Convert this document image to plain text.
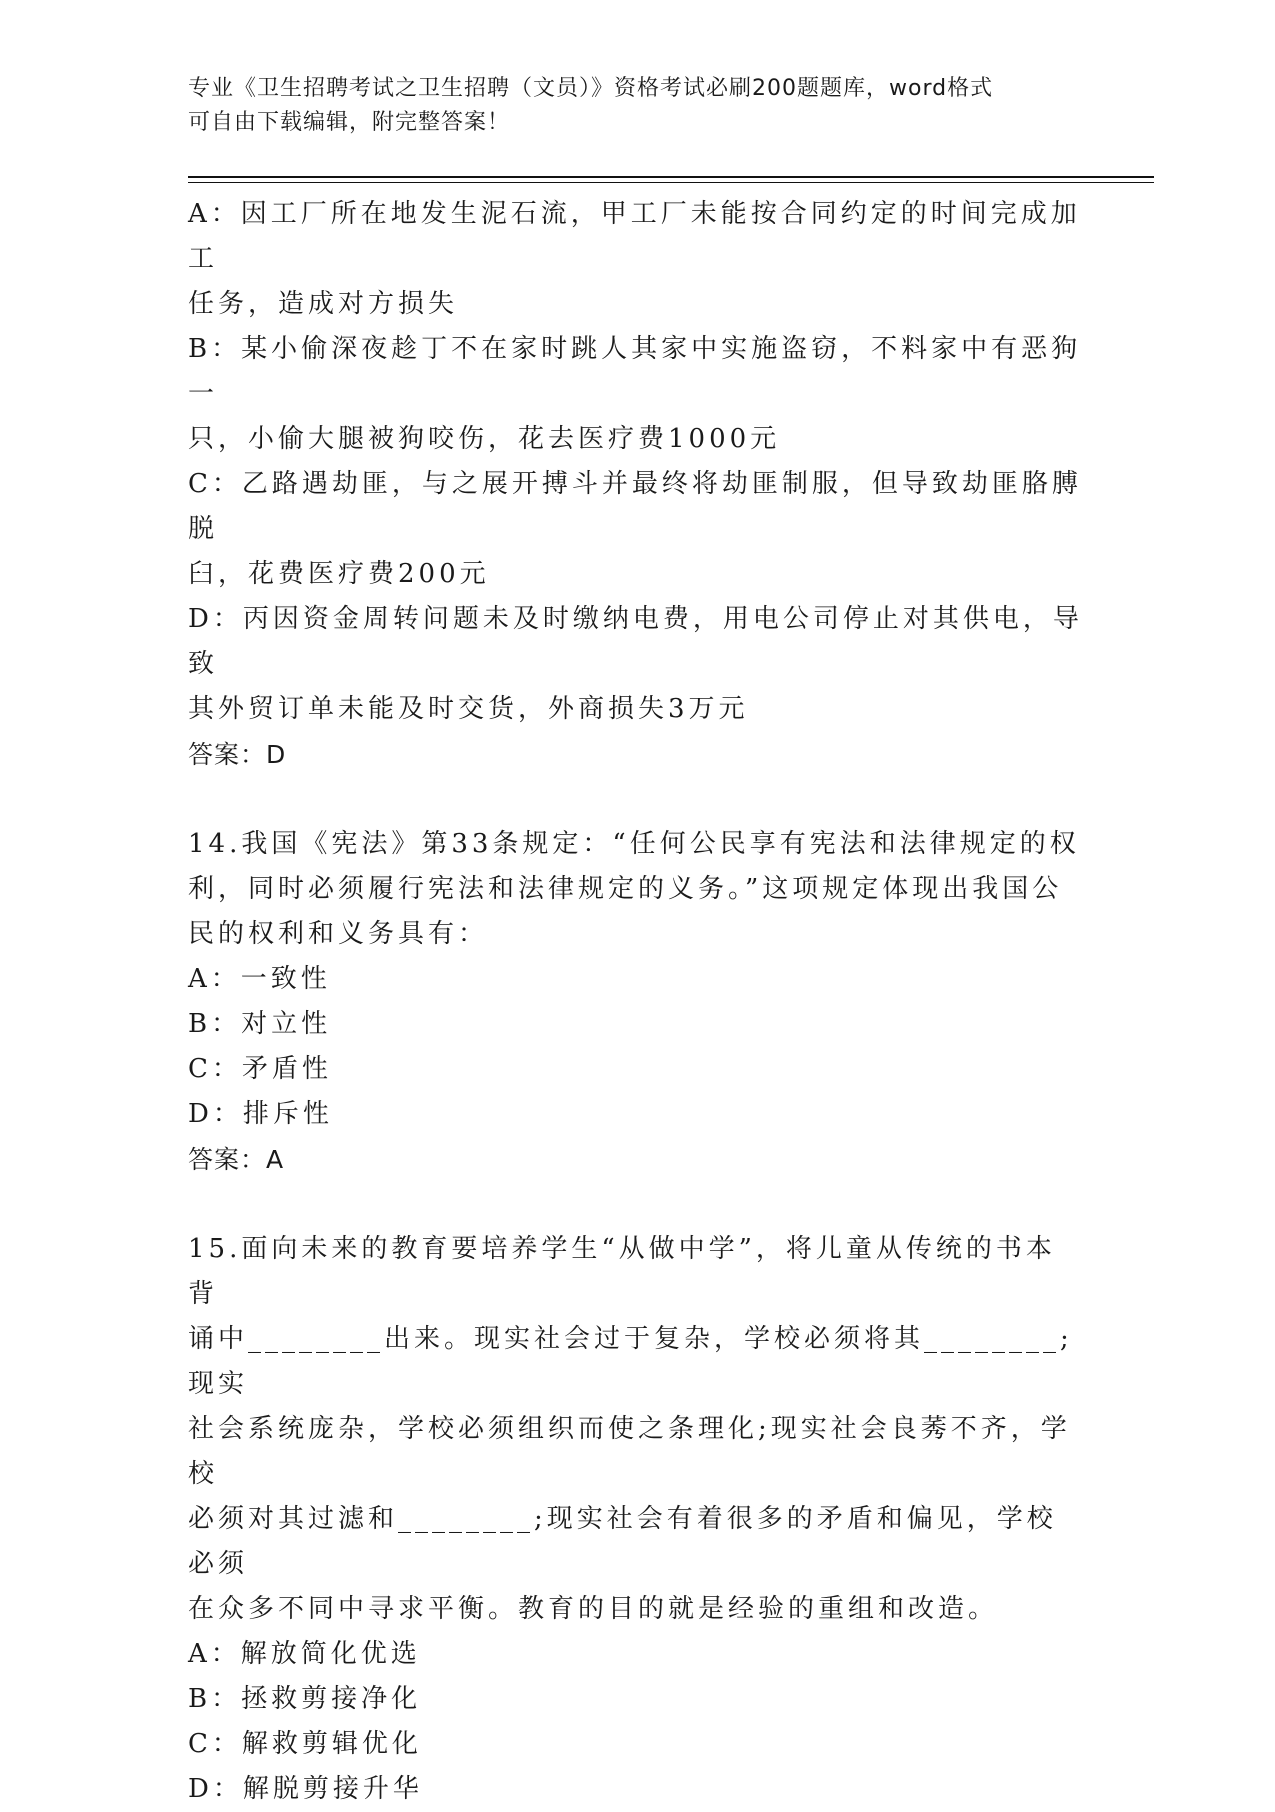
专业《卫生招聘考试之卫生招聘（文员）》资格考试必刷200题题库，word格式
可自由下载编辑，附完整答案！
A：因工厂所在地发生泥石流，甲工厂未能按合同约定的时间完成加工
任务，造成对方损失
B：某小偷深夜趁丁不在家时跳人其家中实施盗窃，不料家中有恶狗一
只，小偷大腿被狗咬伤，花去医疗费1000元
C：乙路遇劫匪，与之展开搏斗并最终将劫匪制服，但导致劫匪胳膊脱
臼，花费医疗费200元
D：丙因资金周转问题未及时缴纳电费，用电公司停止对其供电，导致
其外贸订单未能及时交货，外商损失3万元
答案：D
14.我国《宪法》第33条规定：“任何公民享有宪法和法律规定的权
利，同时必须履行宪法和法律规定的义务。”这项规定体现出我国公
民的权利和义务具有：
A：一致性
B：对立性
C：矛盾性
D：排斥性
答案：A
15.面向未来的教育要培养学生“从做中学”，将儿童从传统的书本背
诵中________出来。现实社会过于复杂，学校必须将其________;现实
社会系统庞杂，学校必须组织而使之条理化;现实社会良莠不齐，学校
必须对其过滤和________;现实社会有着很多的矛盾和偏见，学校必须
在众多不同中寻求平衡。教育的目的就是经验的重组和改造。
A：解放简化优选
B：拯救剪接净化
C：解救剪辑优化
D：解脱剪接升华
